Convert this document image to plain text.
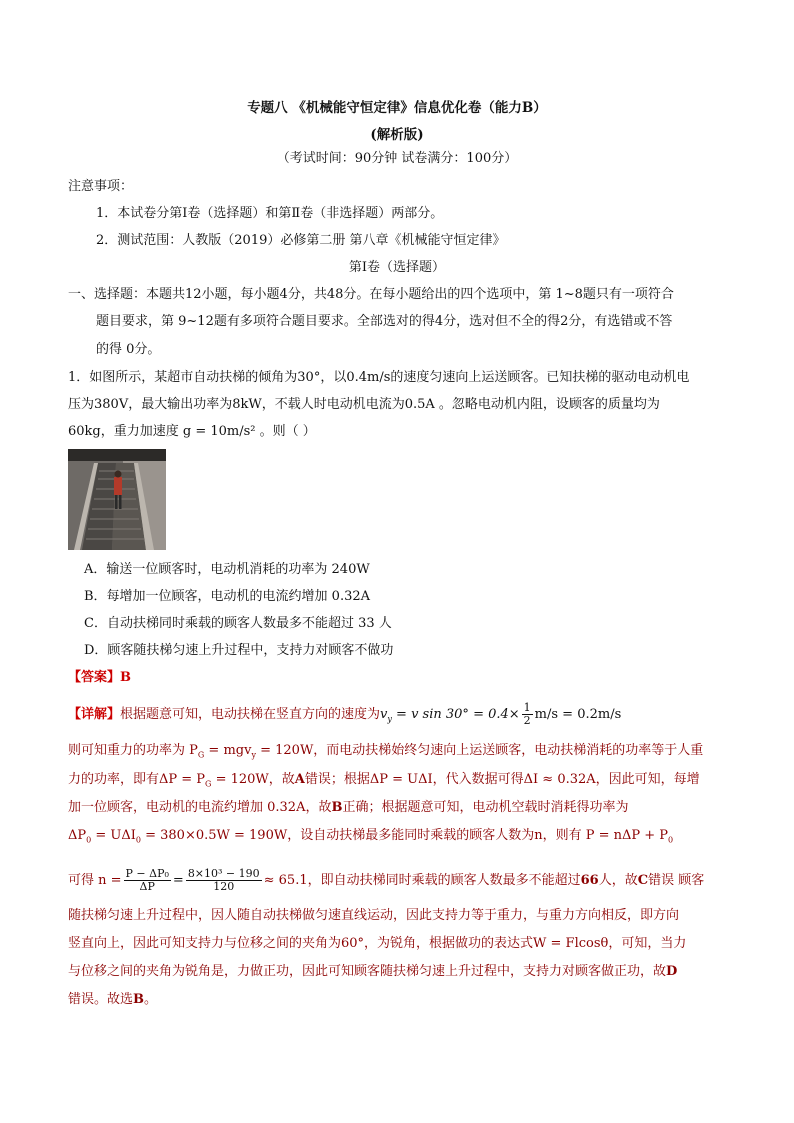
专题八 《机械能守恒定律》信息优化卷（能力B）
(解析版)
（考试时间：90分钟 试卷满分：100分）
注意事项：
1．本试卷分第Ⅰ卷（选择题）和第Ⅱ卷（非选择题）两部分。
2．测试范围：人教版（2019）必修第二册 第八章《机械能守恒定律》
第Ⅰ卷（选择题）
一、选择题：本题共12小题，每小题4分，共48分。在每小题给出的四个选项中，第 1~8题只有一项符合
题目要求，第 9~12题有多项符合题目要求。全部选对的得4分，选对但不全的得2分，有选错或不答
的得 0分。
1．如图所示，某超市自动扶梯的倾角为30°，以0.4m/s的速度匀速向上运送顾客。已知扶梯的驱动电动机电
压为380V，最大输出功率为8kW，不载人时电动机电流为0.5A 。忽略电动机内阻，设顾客的质量均为
60kg，重力加速度 g = 10m/s² 。则（ ）
A．输送一位顾客时，电动机消耗的功率为 240W
B．每增加一位顾客，电动机的电流约增加 0.32A
C．自动扶梯同时乘载的顾客人数最多不能超过 33 人
D．顾客随扶梯匀速上升过程中，支持力对顾客不做功
【答案】B
【详解】根据题意可知，电动扶梯在竖直方向的速度为$v_y = v$ $\sin 30^\circ = 0.4\times \frac{1}{2} m/s = 0.2m/s$
则可知重力的功率为 $P_G = mgv_y = 120W$，而电动扶梯始终匀速向上运送顾客，电动扶梯消耗的功率等于人重
力的功率，即有$\Delta P = P_G = 120W$，故A错误；根据ΔP = UΔI，代入数据可得ΔI ≈ 0.32A，因此可知，每增
加一位顾客，电动机的电流约增加 0.32A，故B正确；根据题意可知，电动机空载时消耗得功率为
$\Delta P_0 = U\Delta I_0 = 380\times 0.5W = 190W$，设自动扶梯最多能同时乘载的顾客人数为n，则有 $P = n\Delta P + P_0$
可得 $n = \frac{\text{P − ΔP₀}}{\Delta P} = \frac{\text{8×10³ − 190}}{120} \approx 65.1$，即自动扶梯同时乘载的顾客人数最多不能超过66人，故C错误 顾客
随扶梯匀速上升过程中，因人随自动扶梯做匀速直线运动，因此支持力等于重力，与重力方向相反，即方向
竖直向上，因此可知支持力与位移之间的夹角为60°，为锐角，根据做功的表达式W = Flcosθ，可知，当力
与位移之间的夹角为锐角是，力做正功，因此可知顾客随扶梯匀速上升过程中，支持力对顾客做正功，故D
错误。故选B。
